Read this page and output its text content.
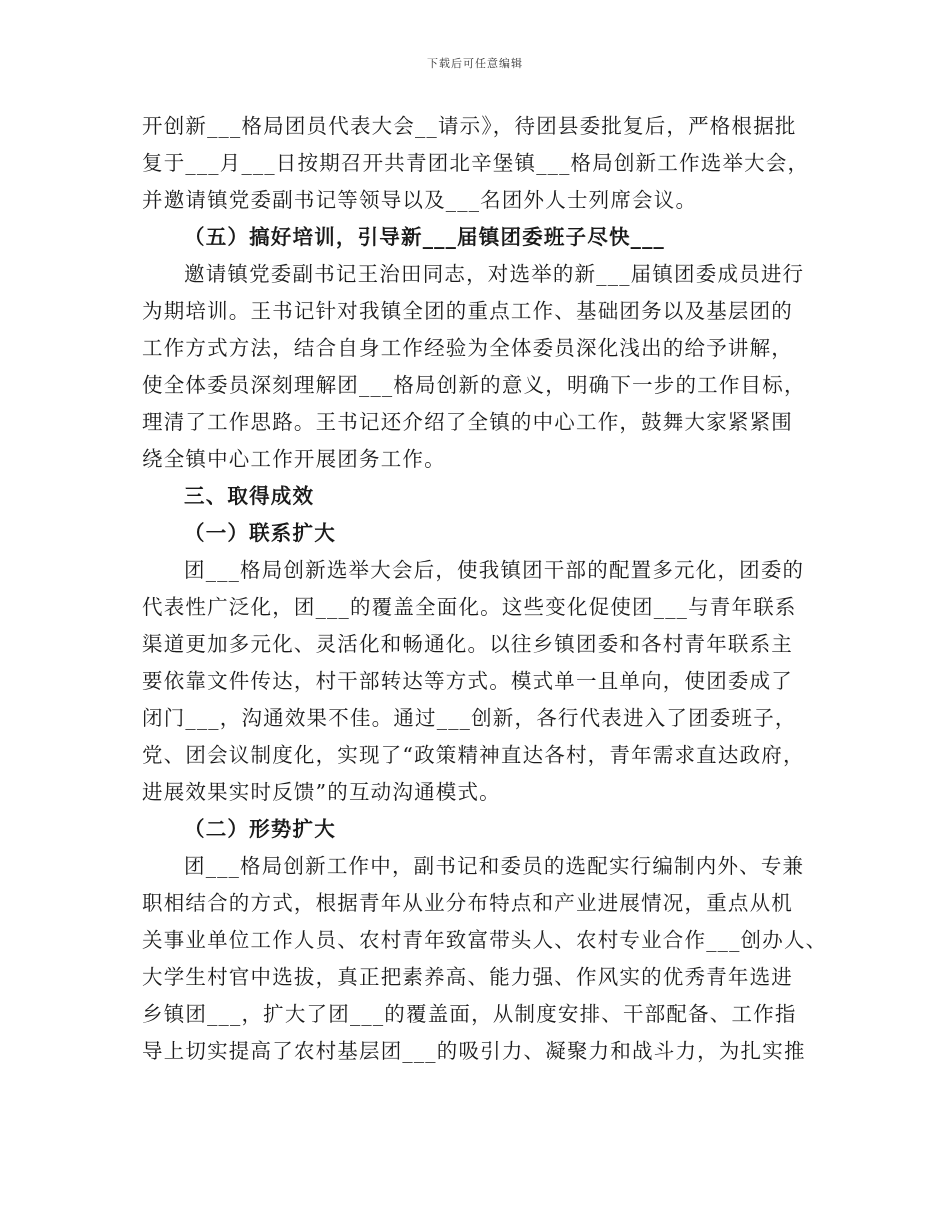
下载后可任意编辑
开创新___格局团员代表大会__请示》，待团县委批复后，严格根据批
复于___月___日按期召开共青团北辛堡镇___格局创新工作选举大会，
并邀请镇党委副书记等领导以及___名团外人士列席会议。
（五）搞好培训，引导新___届镇团委班子尽快___
邀请镇党委副书记王治田同志，对选举的新___届镇团委成员进行
为期培训。王书记针对我镇全团的重点工作、基础团务以及基层团的
工作方式方法，结合自身工作经验为全体委员深化浅出的给予讲解，
使全体委员深刻理解团___格局创新的意义，明确下一步的工作目标，
理清了工作思路。王书记还介绍了全镇的中心工作，鼓舞大家紧紧围
绕全镇中心工作开展团务工作。
三、取得成效
（一）联系扩大
团___格局创新选举大会后，使我镇团干部的配置多元化，团委的
代表性广泛化，团___的覆盖全面化。这些变化促使团___与青年联系
渠道更加多元化、灵活化和畅通化。以往乡镇团委和各村青年联系主
要依靠文件传达，村干部转达等方式。模式单一且单向，使团委成了
闭门___，沟通效果不佳。通过___创新，各行代表进入了团委班子，
党、团会议制度化，实现了“政策精神直达各村，青年需求直达政府，
进展效果实时反馈”的互动沟通模式。
（二）形势扩大
团___格局创新工作中，副书记和委员的选配实行编制内外、专兼
职相结合的方式，根据青年从业分布特点和产业进展情况，重点从机
关事业单位工作人员、农村青年致富带头人、农村专业合作___创办人、
大学生村官中选拔，真正把素养高、能力强、作风实的优秀青年选进
乡镇团___，扩大了团___的覆盖面，从制度安排、干部配备、工作指
导上切实提高了农村基层团___的吸引力、凝聚力和战斗力，为扎实推
